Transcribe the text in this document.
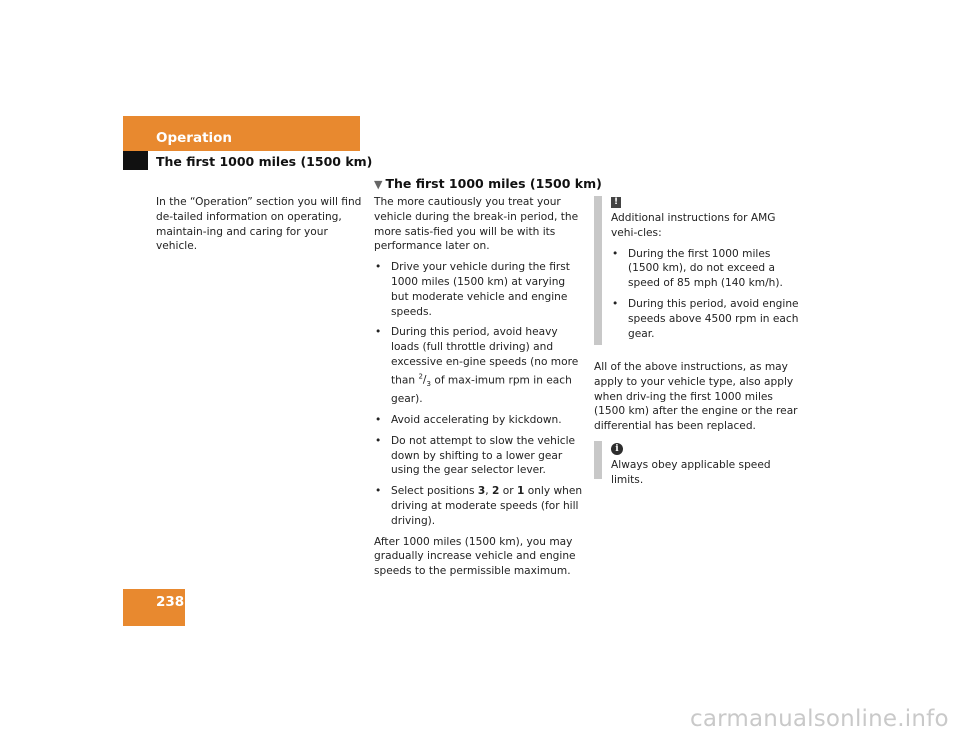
Operation
The first 1000 miles (1500 km)
In the “Operation” section you will find de-tailed information on operating, maintain-ing and caring for your vehicle.
▼ The first 1000 miles (1500 km)

The more cautiously you treat your vehicle during the break-in period, the more satis-fied you will be with its performance later on.

• Drive your vehicle during the first 1000 miles (1500 km) at varying but moderate vehicle and engine speeds.
• During this period, avoid heavy loads (full throttle driving) and excessive en-gine speeds (no more than $^2/_3$ of max-imum rpm in each gear).
• Avoid accelerating by kickdown.
• Do not attempt to slow the vehicle down by shifting to a lower gear using the gear selector lever.
• Select positions 3, 2 or 1 only when driving at moderate speeds (for hill driving).

After 1000 miles (1500 km), you may gradually increase vehicle and engine speeds to the permissible maximum.

!

Additional instructions for AMG vehi-cles:

• During the first 1000 miles (1500 km), do not exceed a speed of 85 mph (140 km/h).
• During this period, avoid engine speeds above 4500 rpm in each gear.
All of the above instructions, as may apply to your vehicle type, also apply when driv-ing the first 1000 miles (1500 km) after the engine or the rear differential has been replaced.
i
Always obey applicable speed limits.
238
carmanualsonline.info
